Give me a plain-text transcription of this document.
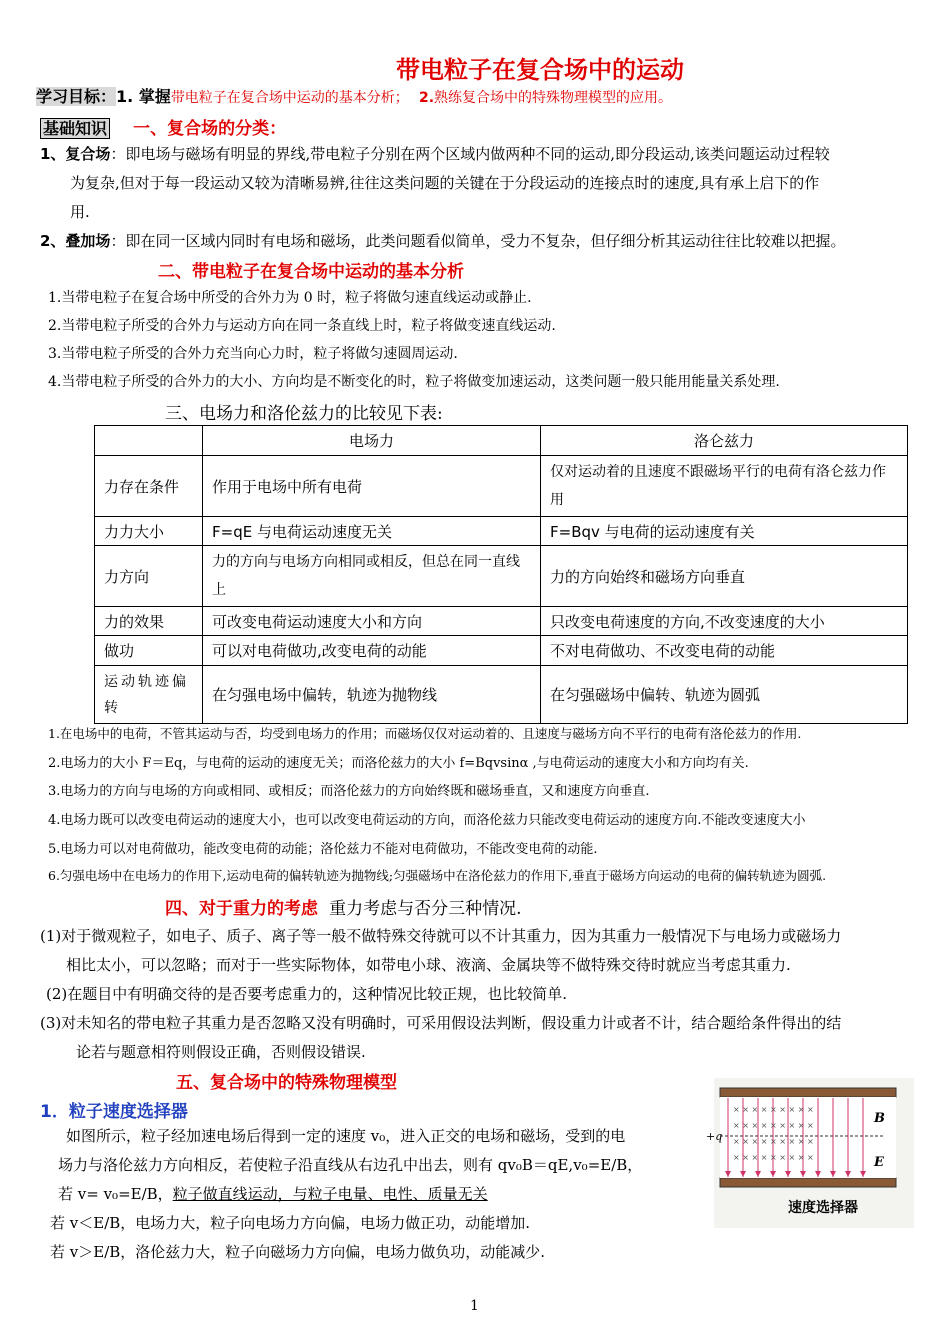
带电粒子在复合场中的运动
学习目标：1. 掌握带电粒子在复合场中运动的基本分析； 2.熟练复合场中的特殊物理模型的应用。
基础知识 一、复合场的分类：
1、复合场：即电场与磁场有明显的界线,带电粒子分别在两个区域内做两种不同的运动,即分段运动,该类问题运动过程较
为复杂,但对于每一段运动又较为清晰易辨,往往这类问题的关键在于分段运动的连接点时的速度,具有承上启下的作
用.
2、叠加场：即在同一区域内同时有电场和磁场，此类问题看似简单，受力不复杂，但仔细分析其运动往往比较难以把握。
二、带电粒子在复合场中运动的基本分析
1.当带电粒子在复合场中所受的合外力为 0 时，粒子将做匀速直线运动或静止.
2.当带电粒子所受的合外力与运动方向在同一条直线上时，粒子将做变速直线运动.
3.当带电粒子所受的合外力充当向心力时，粒子将做匀速圆周运动.
4.当带电粒子所受的合外力的大小、方向均是不断变化的时，粒子将做变加速运动，这类问题一般只能用能量关系处理.
三、电场力和洛伦兹力的比较见下表:
	电场力	洛仑兹力
力存在条件	作用于电场中所有电荷	仅对运动着的且速度不跟磁场平行的电荷有洛仑兹力作用
力力大小	F=qE 与电荷运动速度无关	F=Bqv 与电荷的运动速度有关
力方向	力的方向与电场方向相同或相反，但总在同一直线上	力的方向始终和磁场方向垂直
力的效果	可改变电荷运动速度大小和方向	只改变电荷速度的方向,不改变速度的大小
做功	可以对电荷做功,改变电荷的动能	不对电荷做功、不改变电荷的动能
运动轨迹偏转	在匀强电场中偏转，轨迹为抛物线	在匀强磁场中偏转、轨迹为圆弧
1.在电场中的电荷，不管其运动与否，均受到电场力的作用；而磁场仅仅对运动着的、且速度与磁场方向不平行的电荷有洛伦兹力的作用.
2.电场力的大小 F＝Eq，与电荷的运动的速度无关；而洛伦兹力的大小 f=Bqvsinα ,与电荷运动的速度大小和方向均有关.
3.电场力的方向与电场的方向或相同、或相反；而洛伦兹力的方向始终既和磁场垂直，又和速度方向垂直.
4.电场力既可以改变电荷运动的速度大小，也可以改变电荷运动的方向，而洛伦兹力只能改变电荷运动的速度方向.不能改变速度大小
5.电场力可以对电荷做功，能改变电荷的动能；洛伦兹力不能对电荷做功，不能改变电荷的动能.
6.匀强电场中在电场力的作用下,运动电荷的偏转轨迹为抛物线;匀强磁场中在洛伦兹力的作用下,垂直于磁场方向运动的电荷的偏转轨迹为圆弧.
四、对于重力的考虑 重力考虑与否分三种情况.
(1)对于微观粒子，如电子、质子、离子等一般不做特殊交待就可以不计其重力，因为其重力一般情况下与电场力或磁场力
相比太小，可以忽略；而对于一些实际物体，如带电小球、液滴、金属块等不做特殊交待时就应当考虑其重力.
(2)在题目中有明确交待的是否要考虑重力的，这种情况比较正规，也比较简单.
(3)对未知名的带电粒子其重力是否忽略又没有明确时，可采用假设法判断，假设重力计或者不计，结合题给条件得出的结
论若与题意相符则假设正确，否则假设错误.
五、复合场中的特殊物理模型
1．粒子速度选择器
如图所示，粒子经加速电场后得到一定的速度 v₀，进入正交的电场和磁场，受到的电
场力与洛伦兹力方向相反，若使粒子沿直线从右边孔中出去，则有 qv₀B＝qE,v₀=E/B，
若 v= v₀=E/B，粒子做直线运动，与粒子电量、电性、质量无关
若 v＜E/B，电场力大，粒子向电场力方向偏，电场力做正功，动能增加.
若 v＞E/B，洛伦兹力大，粒子向磁场力方向偏，电场力做负功，动能减少.
× × × × × × × × ×
× × × × × × × × ×
× × × × × × × × ×
× × × × × × × × ×
+q
B
E
速度选择器
1
